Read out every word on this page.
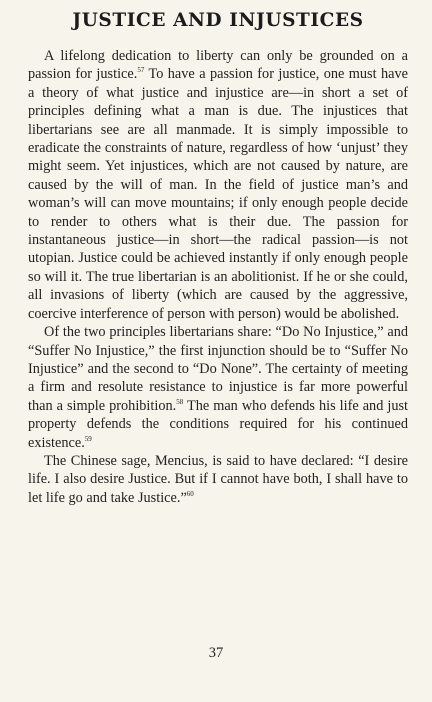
JUSTICE AND INJUSTICES

A lifelong dedication to liberty can only be grounded on a passion for justice.$^{57}$ To have a passion for justice, one must have a theory of what justice and injustice are—in short a set of principles defining what a man is due. The injustices that libertarians see are all manmade. It is simply impossible to eradicate the constraints of nature, regardless of how ‘unjust’ they might seem. Yet injustices, which are not caused by nature, are caused by the will of man. In the field of justice man’s and woman’s will can move mountains; if only enough people decide to render to others what is their due. The passion for instantaneous justice—in short—the radical passion—is not utopian. Justice could be achieved instantly if only enough people so will it. The true libertarian is an abolitionist. If he or she could, all invasions of liberty (which are caused by the aggressive, coercive interference of person with person) would be abolished.

Of the two principles libertarians share: “Do No Injustice,” and “Suffer No Injustice,” the first injunction should be to “Suffer No Injustice” and the second to “Do None”. The certainty of meeting a firm and resolute resistance to injustice is far more powerful than a simple prohibition.$^{58}$ The man who defends his life and just property defends the conditions required for his continued existence.$^{59}$

The Chinese sage, Mencius, is said to have declared: “I desire life. I also desire Justice. But if I cannot have both, I shall have to let life go and take Justice.”$^{60}$

37
